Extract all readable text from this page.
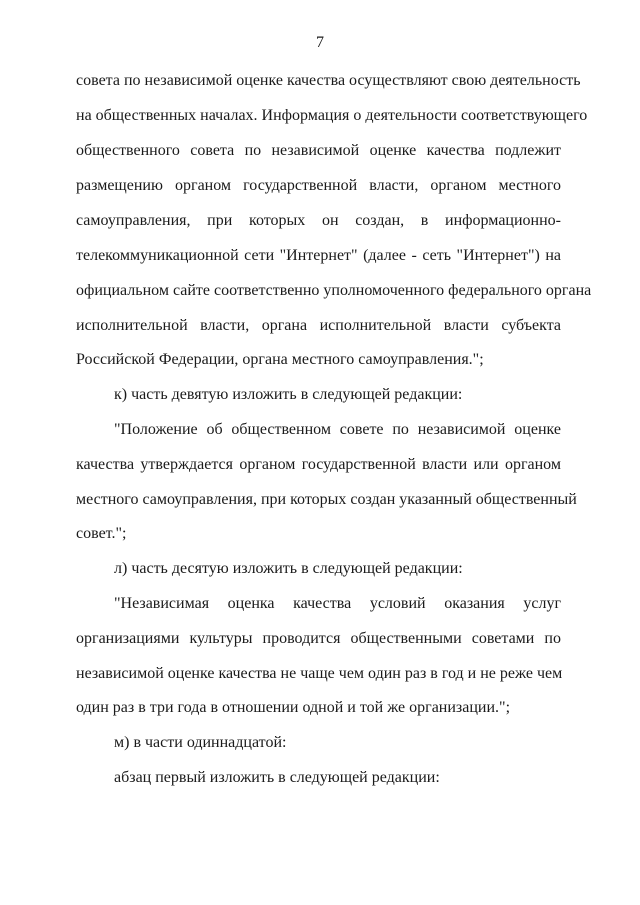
7
совета по независимой оценке качества осуществляют свою деятельность
на общественных началах. Информация о деятельности соответствующего
общественного совета по независимой оценке качества подлежит
размещению органом государственной власти, органом местного
самоуправления, при которых он создан, в информационно-
телекоммуникационной сети "Интернет" (далее - сеть "Интернет") на
официальном сайте соответственно уполномоченного федерального органа
исполнительной власти, органа исполнительной власти субъекта
Российской Федерации, органа местного самоуправления.";
к) часть девятую изложить в следующей редакции:
"Положение об общественном совете по независимой оценке
качества утверждается органом государственной власти или органом
местного самоуправления, при которых создан указанный общественный
совет.";
л) часть десятую изложить в следующей редакции:
"Независимая оценка качества условий оказания услуг
организациями культуры проводится общественными советами по
независимой оценке качества не чаще чем один раз в год и не реже чем
один раз в три года в отношении одной и той же организации.";
м) в части одиннадцатой:
абзац первый изложить в следующей редакции:
